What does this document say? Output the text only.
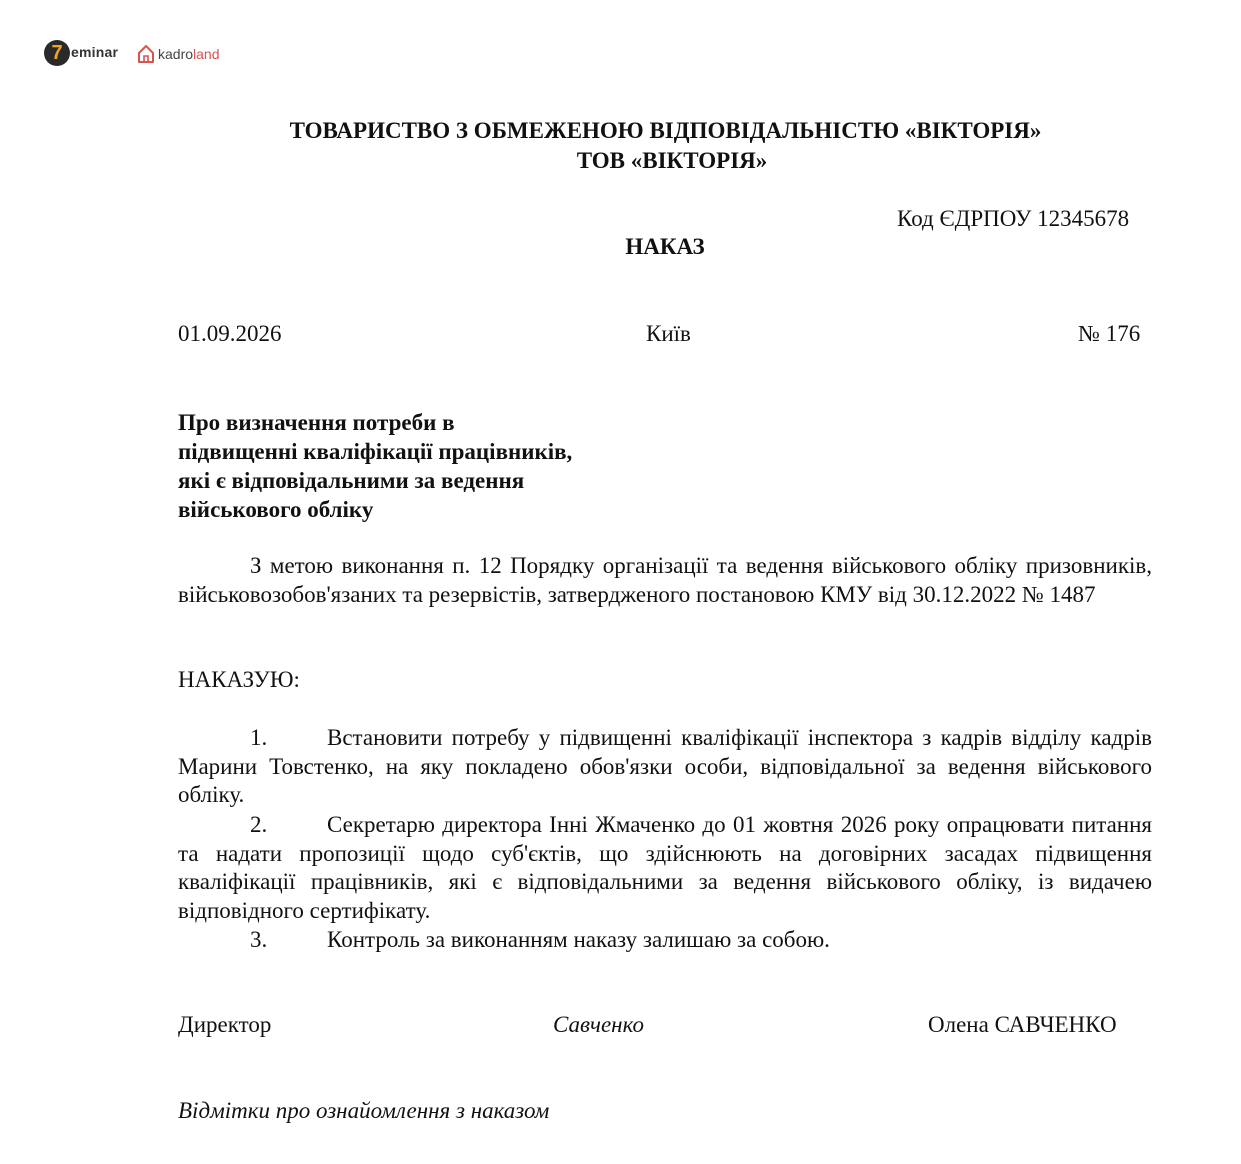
7 eminar	kadroland
ТОВАРИСТВО З ОБМЕЖЕНОЮ ВІДПОВІДАЛЬНІСТЮ «ВІКТОРІЯ»
ТОВ «ВІКТОРІЯ»
Код ЄДРПОУ 12345678
НАКАЗ
01.09.2026	Київ	№ 176
Про визначення потреби в
підвищенні кваліфікації працівників,
які є відповідальними за ведення
військового обліку
З метою виконання п. 12 Порядку організації та ведення військового обліку призовників, військовозобов'язаних та резервістів, затвердженого постановою КМУ від 30.12.2022 № 1487
НАКАЗУЮ:
1.	Встановити потребу у підвищенні кваліфікації інспектора з кадрів відділу кадрів Марини Товстенко, на яку покладено обов'язки особи, відповідальної за ведення військового обліку.
2.	Секретарю директора Інні Жмаченко до 01 жовтня 2026 року опрацювати питання та надати пропозиції щодо суб'єктів, що здійснюють на договірних засадах підвищення кваліфікації працівників, які є відповідальними за ведення військового обліку, із видачею відповідного сертифікату.
3.	Контроль за виконанням наказу залишаю за собою.
Директор	Савченко	Олена САВЧЕНКО
Відмітки про ознайомлення з наказом
